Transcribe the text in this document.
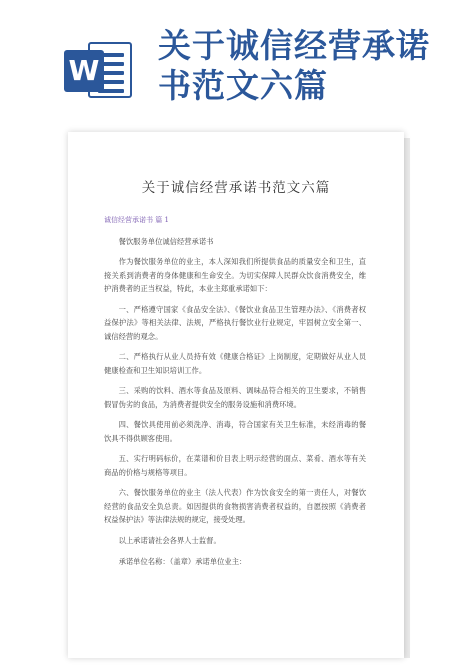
W
关于诚信经营承诺
书范文六篇
关于诚信经营承诺书范文六篇

诚信经营承诺书 篇 1

餐饮服务单位诚信经营承诺书

作为餐饮服务单位的业主，本人深知我们所提供食品的质量安全和卫生，直接关系到消费者的身体健康和生命安全。为切实保障人民群众饮食消费安全，维护消费者的正当权益，特此，本业主郑重承诺如下：

一、严格遵守国家《食品安全法》、《餐饮业食品卫生管理办法》、《消费者权益保护法》等相关法律、法规，严格执行餐饮业行业规定，牢固树立安全第一、诚信经营的观念。

二、严格执行从业人员持有效《健康合格证》上岗制度，定期做好从业人员健康检查和卫生知识培训工作。

三、采购的饮料、酒水等食品及原料、调味品符合相关的卫生要求，不销售假冒伪劣的食品，为消费者提供安全的服务设施和消费环境。

四、餐饮具使用前必须洗净、消毒，符合国家有关卫生标准，未经消毒的餐饮具不得供顾客使用。

五、实行明码标价，在菜谱和价目表上明示经营的面点、菜肴、酒水等有关商品的价格与规格等项目。

六、餐饮服务单位的业主（法人代表）作为饮食安全的第一责任人，对餐饮经营的食品安全负总责。如因提供的食物损害消费者权益的，自愿按照《消费者权益保护法》等法律法规的规定，接受处理。

以上承诺请社会各界人士监督。

承诺单位名称：（盖章）承诺单位业主：
